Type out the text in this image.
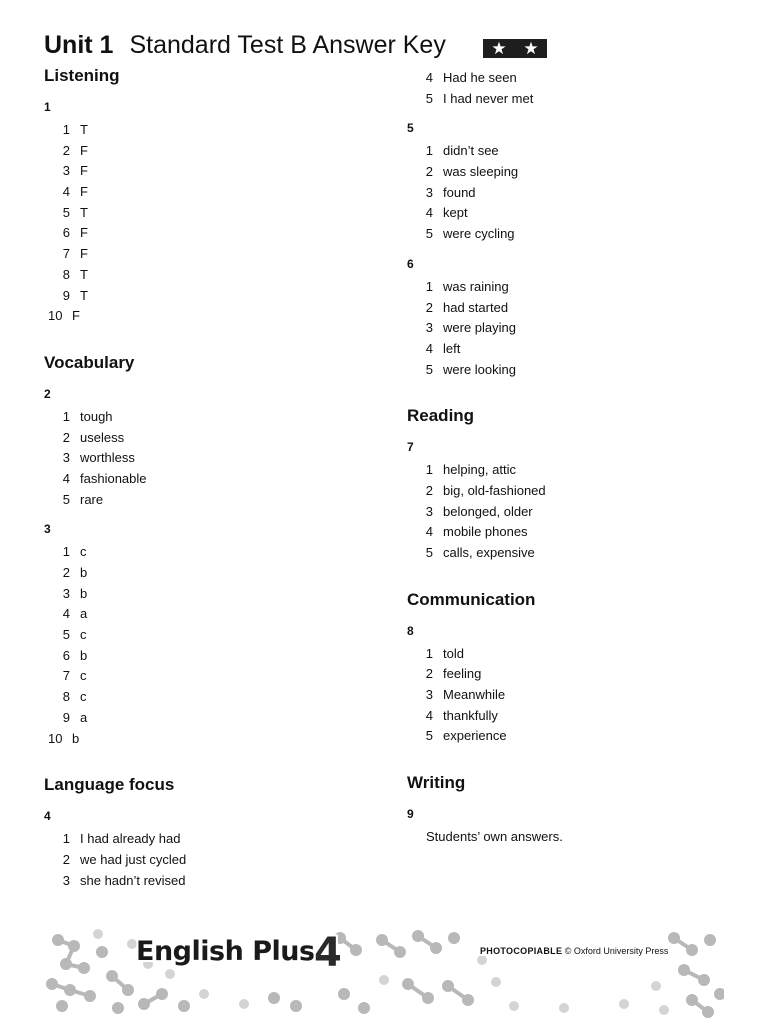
Unit 1 Standard Test B Answer Key	★ ★
Listening
1
1 T
2 F
3 F
4 F
5 T
6 F
7 F
8 T
9 T
10 F
Vocabulary
2
1 tough
2 useless
3 worthless
4 fashionable
5 rare
3
1 c
2 b
3 b
4 a
5 c
6 b
7 c
8 c
9 a
10 b
Language focus
4
1 I had already had
2 we had just cycled
3 she hadn’t revised
4 Had he seen
5 I had never met
5
1 didn’t see
2 was sleeping
3 found
4 kept
5 were cycling
6
1 was raining
2 had started
3 were playing
4 left
5 were looking
Reading
7
1 helping, attic
2 big, old-fashioned
3 belonged, older
4 mobile phones
5 calls, expensive
Communication
8
1 told
2 feeling
3 Meanwhile
4 thankfully
5 experience
Writing
9
Students’ own answers.
English Plus 4	PHOTOCOPIABLE © Oxford University Press
